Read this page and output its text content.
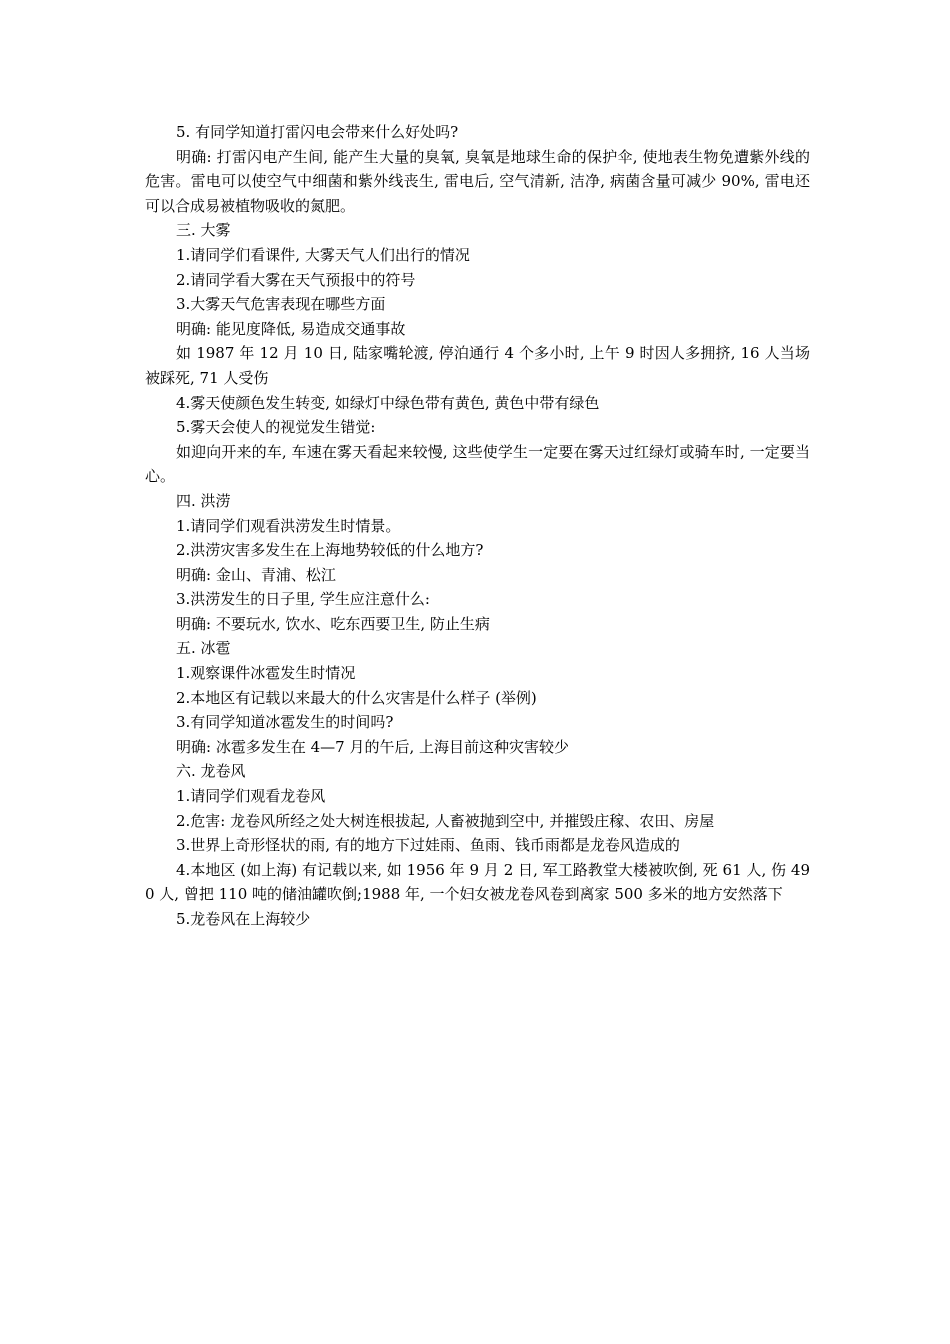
5. 有同学知道打雷闪电会带来什么好处吗?

明确: 打雷闪电产生间, 能产生大量的臭氧, 臭氧是地球生命的保护伞, 使地表生物免遭紫外线的危害。雷电可以使空气中细菌和紫外线丧生, 雷电后, 空气清新, 洁净, 病菌含量可减少 90%, 雷电还可以合成易被植物吸收的氮肥。

三. 大雾

1.请同学们看课件, 大雾天气人们出行的情况

2.请同学看大雾在天气预报中的符号

3.大雾天气危害表现在哪些方面

明确: 能见度降低, 易造成交通事故

如 1987 年 12 月 10 日, 陆家嘴轮渡, 停泊通行 4 个多小时, 上午 9 时因人多拥挤, 16 人当场被踩死, 71 人受伤

4.雾天使颜色发生转变, 如绿灯中绿色带有黄色, 黄色中带有绿色

5.雾天会使人的视觉发生错觉:

如迎向开来的车, 车速在雾天看起来较慢, 这些使学生一定要在雾天过红绿灯或骑车时, 一定要当心。

四. 洪涝

1.请同学们观看洪涝发生时情景。

2.洪涝灾害多发生在上海地势较低的什么地方?

明确: 金山、青浦、松江

3.洪涝发生的日子里, 学生应注意什么:

明确: 不要玩水, 饮水、吃东西要卫生, 防止生病

五. 冰雹

1.观察课件冰雹发生时情况

2.本地区有记载以来最大的什么灾害是什么样子 (举例)

3.有同学知道冰雹发生的时间吗?

明确: 冰雹多发生在 4—7 月的午后, 上海目前这种灾害较少

六. 龙卷风

1.请同学们观看龙卷风

2.危害: 龙卷风所经之处大树连根拔起, 人畜被抛到空中, 并摧毁庄稼、农田、房屋

3.世界上奇形怪状的雨, 有的地方下过娃雨、鱼雨、钱币雨都是龙卷风造成的

4.本地区 (如上海) 有记载以来, 如 1956 年 9 月 2 日, 军工路教堂大楼被吹倒, 死 61 人, 伤 490 人, 曾把 110 吨的储油罐吹倒;1988 年, 一个妇女被龙卷风卷到离家 500 多米的地方安然落下

5.龙卷风在上海较少
